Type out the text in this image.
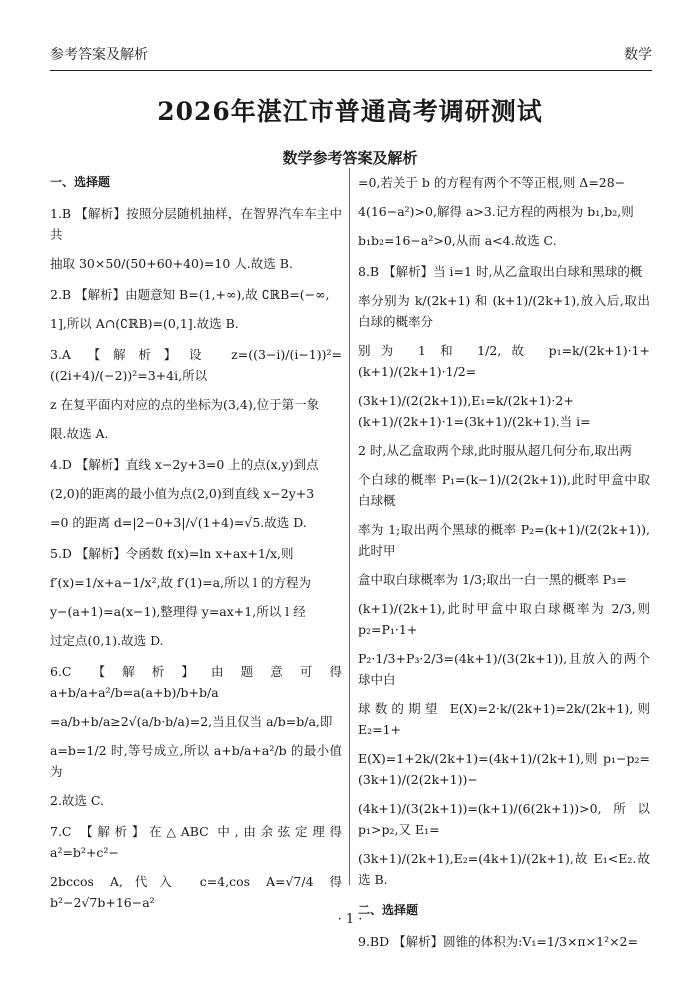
参考答案及解析	数学
2026年湛江市普通高考调研测试
数学参考答案及解析
一、选择题

1.B 【解析】按照分层随机抽样，在智界汽车车主中共

抽取 30×50/(50+60+40)=10 人.故选 B.

2.B 【解析】由题意知 B=(1,+∞),故 ∁ℝB=(−∞,

1],所以 A∩(∁ℝB)=(0,1].故选 B.

3.A 【解析】设 z=((3−i)/(i−1))²=((2i+4)/(−2))²=3+4i,所以

z 在复平面内对应的点的坐标为(3,4),位于第一象

限.故选 A.

4.D 【解析】直线 x−2y+3=0 上的点(x,y)到点

(2,0)的距离的最小值为点(2,0)到直线 x−2y+3

=0 的距离 d=|2−0+3|/√(1+4)=√5.故选 D.

5.D 【解析】令函数 f(x)=ln x+ax+1/x,则

f′(x)=1/x+a−1/x²,故 f′(1)=a,所以 l 的方程为

y−(a+1)=a(x−1),整理得 y=ax+1,所以 l 经

过定点(0,1).故选 D.

6.C 【解析】由题意可得 a+b/a+a²/b=a(a+b)/b+b/a

=a/b+b/a≥2√(a/b·b/a)=2,当且仅当 a/b=b/a,即

a=b=1/2 时,等号成立,所以 a+b/a+a²/b 的最小值为

2.故选 C.

7.C 【解析】在△ABC 中,由余弦定理得 a²=b²+c²−

2bccos A,代入 c=4,cos A=√7/4 得 b²−2√7b+16−a²

=0,若关于 b 的方程有两个不等正根,则 Δ=28−

4(16−a²)>0,解得 a>3.记方程的两根为 b₁,b₂,则

b₁b₂=16−a²>0,从而 a<4.故选 C.

8.B 【解析】当 i=1 时,从乙盒取出白球和黑球的概

率分别为 k/(2k+1) 和 (k+1)/(2k+1),放入后,取出白球的概率分

别为 1 和 1/2,故 p₁=k/(2k+1)·1+(k+1)/(2k+1)·1/2=

(3k+1)/(2(2k+1)),E₁=k/(2k+1)·2+(k+1)/(2k+1)·1=(3k+1)/(2k+1).当 i=

2 时,从乙盒取两个球,此时服从超几何分布,取出两

个白球的概率 P₁=(k−1)/(2(2k+1)),此时甲盒中取白球概

率为 1;取出两个黑球的概率 P₂=(k+1)/(2(2k+1)),此时甲

盒中取白球概率为 1/3;取出一白一黑的概率 P₃=

(k+1)/(2k+1),此时甲盒中取白球概率为 2/3,则 p₂=P₁·1+

P₂·1/3+P₃·2/3=(4k+1)/(3(2k+1)),且放入的两个球中白

球数的期望 E(X)=2·k/(2k+1)=2k/(2k+1),则 E₂=1+

E(X)=1+2k/(2k+1)=(4k+1)/(2k+1),则 p₁−p₂=(3k+1)/(2(2k+1))−

(4k+1)/(3(2k+1))=(k+1)/(6(2k+1))>0,所以 p₁>p₂,又 E₁=

(3k+1)/(2k+1),E₂=(4k+1)/(2k+1),故 E₁<E₂.故选 B.

二、选择题

9.BD 【解析】圆锥的体积为:V₁=1/3×π×1²×2=

· 1 ·
